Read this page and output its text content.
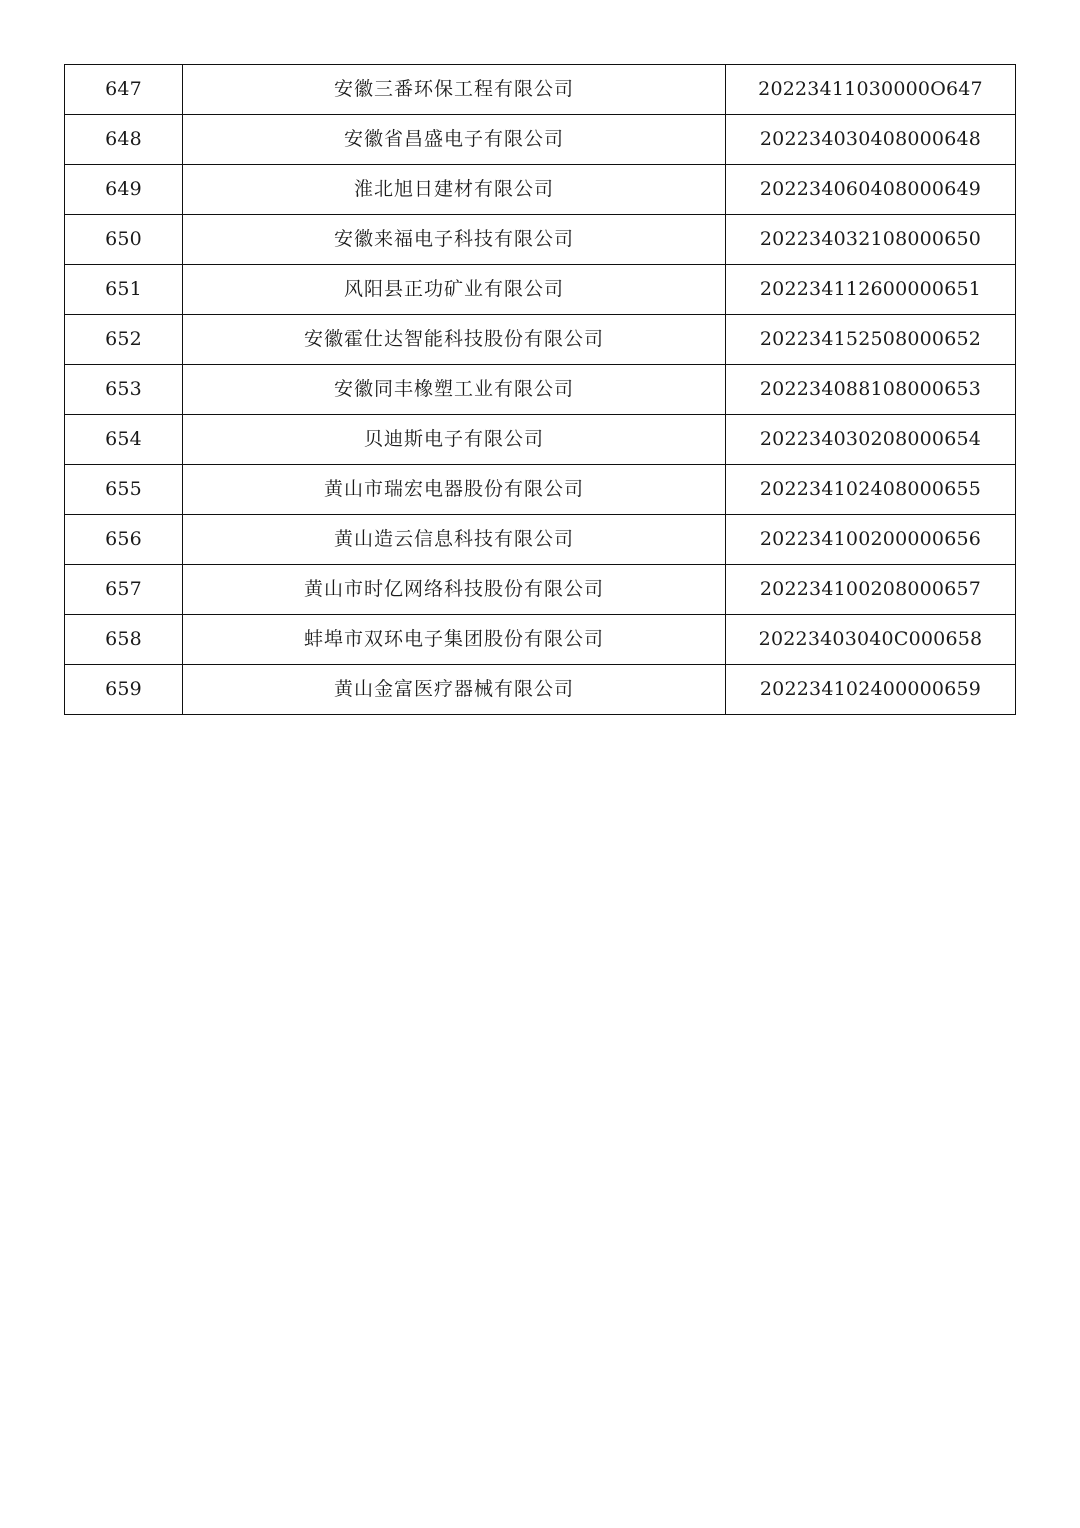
647	安徽三番环保工程有限公司	20223411030000O647
648	安徽省昌盛电子有限公司	202234030408000648
649	淮北旭日建材有限公司	202234060408000649
650	安徽来福电子科技有限公司	202234032108000650
651	风阳县正功矿业有限公司	202234112600000651
652	安徽霍仕达智能科技股份有限公司	202234152508000652
653	安徽同丰橡塑工业有限公司	202234088108000653
654	贝迪斯电子有限公司	202234030208000654
655	黄山市瑞宏电器股份有限公司	202234102408000655
656	黄山造云信息科技有限公司	202234100200000656
657	黄山市时亿网络科技股份有限公司	202234100208000657
658	蚌埠市双环电子集团股份有限公司	20223403040C000658
659	黄山金富医疗器械有限公司	202234102400000659
